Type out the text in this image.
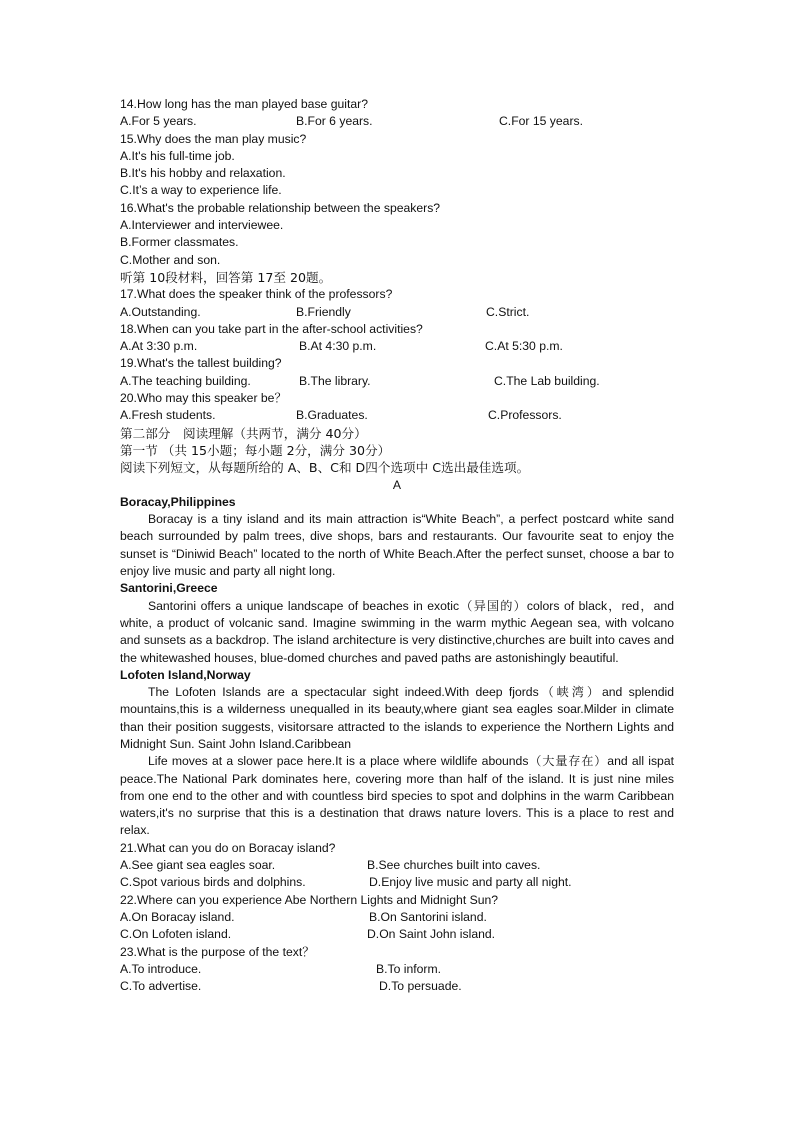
14.How long has the man played base guitar?
A.For 5 years.	B.For 6 years.	C.For 15 years.
15.Why does the man play music?
A.It's his full-time job.
B.It's his hobby and relaxation.
C.It’s a way to experience life.
16.What's the probable relationship between the speakers?
A.Interviewer and interviewee.
B.Former classmates.
C.Mother and son.
听第 10段材料，回答第 17至 20题。
17.What does the speaker think of the professors?
A.Outstanding.	B.Friendly	C.Strict.
18.When can you take part in the after-school activities?
A.At 3:30 p.m.	B.At 4:30 p.m.	C.At 5:30 p.m.
19.What's the tallest building?
A.The teaching building.	B.The library.	C.The Lab building.
20.Who may this speaker be？
A.Fresh students.	B.Graduates.	C.Professors.
第二部分　阅读理解（共两节，满分 40分）
第一节 （共 15小题；每小题 2分，满分 30分）
阅读下列短文，从每题所给的 A、B、C和 D四个选项中 C选出最佳选项。
A
Boracay,Philippines

Boracay is a tiny island and its main attraction is“White Beach”, a perfect postcard white sand beach surrounded by palm trees, dive shops, bars and restaurants. Our favourite seat to enjoy the sunset is “Diniwid Beach” located to the north of White Beach.After the perfect sunset, choose a bar to enjoy live music and party all night long.

Santorini,Greece

Santorini offers a unique landscape of beaches in exotic（异国的）colors of black，red，and white, a product of volcanic sand. Imagine swimming in the warm mythic Aegean sea, with volcano and sunsets as a backdrop. The island architecture is very distinctive,churches are built into caves and the whitewashed houses, blue-domed churches and paved paths are astonishingly beautiful.

Lofoten Island,Norway

The Lofoten Islands are a spectacular sight indeed.With deep fjords（峡湾）and splendid mountains,this is a wilderness unequalled in its beauty,where giant sea eagles soar.Milder in climate than their position suggests, visitorsare attracted to the islands to experience the Northern Lights and Midnight Sun. Saint John Island.Caribbean

Life moves at a slower pace here.It is a place where wildlife abounds（大量存在）and all ispat peace.The National Park dominates here, covering more than half of the island. It is just nine miles from one end to the other and with countless bird species to spot and dolphins in the warm Caribbean waters,it's no surprise that this is a destination that draws nature lovers. This is a place to rest and relax.

21.What can you do on Boracay island?
A.See giant sea eagles soar.	B.See churches built into caves.
C.Spot various birds and dolphins.	D.Enjoy live music and party all night.
22.Where can you experience Abe Northern Lights and Midnight Sun?
A.On Boracay island.	B.On Santorini island.
C.On Lofoten island.	D.On Saint John island.
23.What is the purpose of the text？
A.To introduce.	B.To inform.
C.To advertise.	D.To persuade.
